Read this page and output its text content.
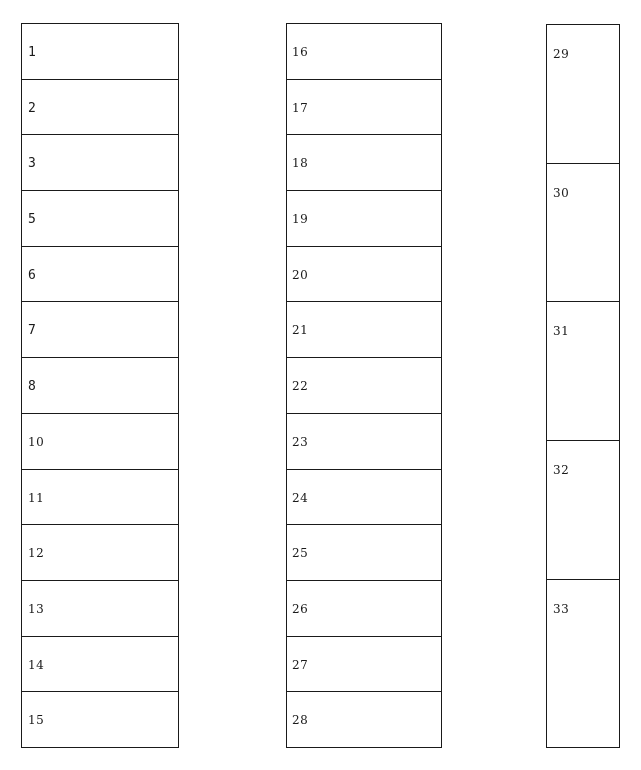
1
2
3
5
6
7
8
10
11
12
13
14
15
16
17
18
19
20
21
22
23
24
25
26
27
28
29
30
31
32
33
